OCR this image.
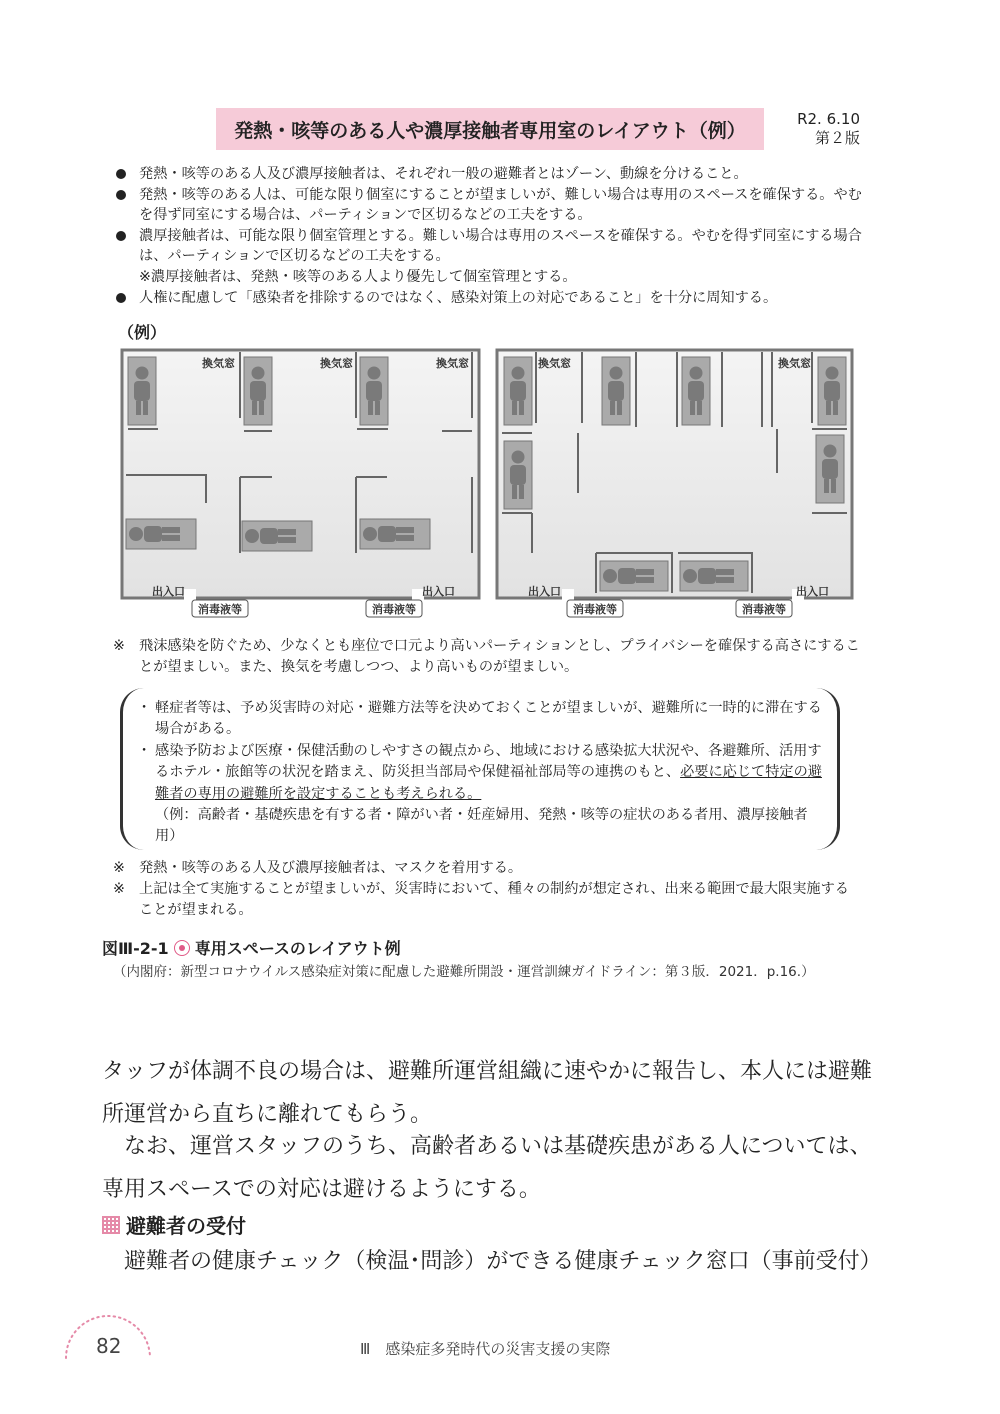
発熱・咳等のある人や濃厚接触者専用室のレイアウト（例）
R2. 6.10
第２版
発熱・咳等のある人及び濃厚接触者は、それぞれ一般の避難者とはゾーン、動線を分けること。
発熱・咳等のある人は、可能な限り個室にすることが望ましいが、難しい場合は専用のスペースを確保する。やむを得ず同室にする場合は、パーティションで区切るなどの工夫をする。
濃厚接触者は、可能な限り個室管理とする。難しい場合は専用のスペースを確保する。やむを得ず同室にする場合は、パーティションで区切るなどの工夫をする。
※濃厚接触者は、発熱・咳等のある人より優先して個室管理とする。
人権に配慮して「感染者を排除するのではなく、感染対策上の対応であること」を十分に周知する。
（例）
換気窓	換気窓	換気窓
出入口	出入口
消毒液等	消毒液等
換気窓	換気窓
出入口	出入口
消毒液等	消毒液等
※ 飛沫感染を防ぐため、少なくとも座位で口元より高いパーティションとし、プライバシーを確保する高さにすることが望ましい。また、換気を考慮しつつ、より高いものが望ましい。
・ 軽症者等は、予め災害時の対応・避難方法等を決めておくことが望ましいが、避難所に一時的に滞在する場合がある。
・ 感染予防および医療・保健活動のしやすさの観点から、地域における感染拡大状況や、各避難所、活用するホテル・旅館等の状況を踏まえ、防災担当部局や保健福祉部局等の連携のもと、必要に応じて特定の避難者の専用の避難所を設定することも考えられる。
（例：高齢者・基礎疾患を有する者・障がい者・妊産婦用、発熱・咳等の症状のある者用、濃厚接触者用）
※ 発熱・咳等のある人及び濃厚接触者は、マスクを着用する。
※ 上記は全て実施することが望ましいが、災害時において、種々の制約が想定され、出来る範囲で最大限実施することが望まれる。
図Ⅲ-2-1 専用スペースのレイアウト例
（内閣府：新型コロナウイルス感染症対策に配慮した避難所開設・運営訓練ガイドライン：第３版．2021．p.16.）
タッフが体調不良の場合は、避難所運営組織に速やかに報告し、本人には避難所運営から直ちに離れてもらう。
なお、運営スタッフのうち、高齢者あるいは基礎疾患がある人については、専用スペースでの対応は避けるようにする。
避難者の受付
避難者の健康チェック（検温･問診）ができる健康チェック窓口（事前受付）
82	Ⅲ　感染症多発時代の災害支援の実際
